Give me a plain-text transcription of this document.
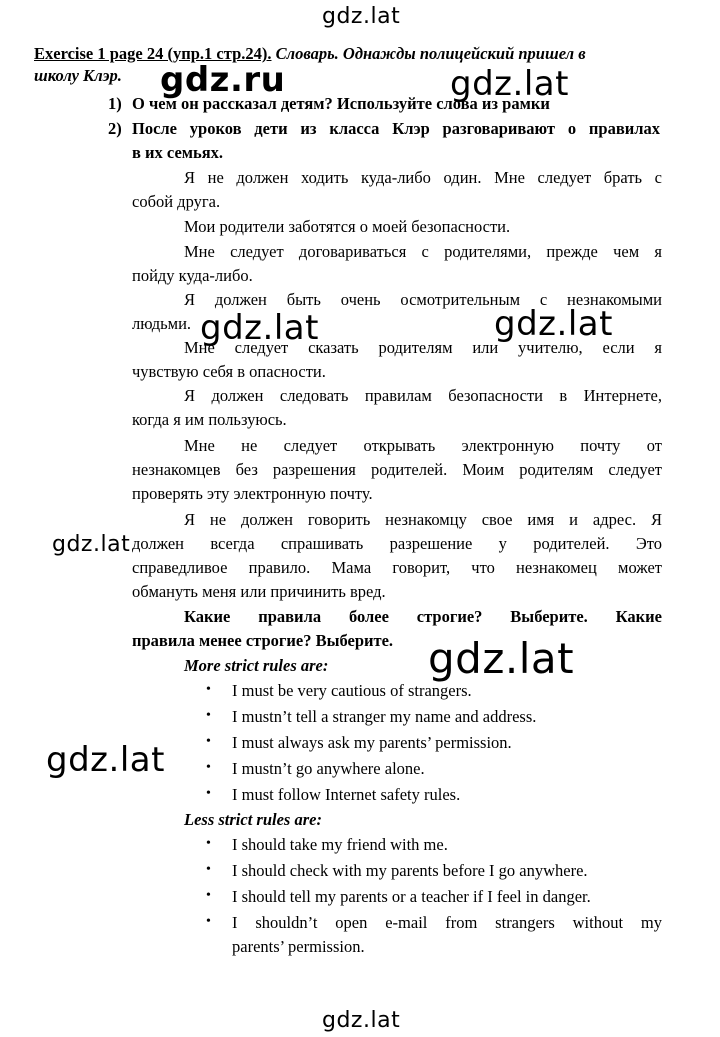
gdz.lat
gdz.ru	gdz.lat
gdz.lat	gdz.lat
gdz.lat
gdz.lat
gdz.lat
gdz.lat
Exercise 1 page 24 (упр.1 стр.24). Словарь. Однажды полицейский пришел в
школу Клэр.
1) О чем он рассказал детям? Используйте слова из рамки
2) После уроков дети из класса Клэр разговаривают о правилах
в их семьях.
Я не должен ходить куда-либо один. Мне следует брать с
собой друга.
Мои родители заботятся о моей безопасности.
Мне следует договариваться с родителями, прежде чем я
пойду куда-либо.
Я должен быть очень осмотрительным с незнакомыми
людьми.
Мне следует сказать родителям или учителю, если я
чувствую себя в опасности.
Я должен следовать правилам безопасности в Интернете,
когда я им пользуюсь.
Мне не следует открывать электронную почту от
незнакомцев без разрешения родителей. Моим родителям следует
проверять эту электронную почту.
Я не должен говорить незнакомцу свое имя и адрес. Я
должен всегда спрашивать разрешение у родителей. Это
справедливое правило. Мама говорит, что незнакомец может
обмануть меня или причинить вред.
Какие правила более строгие? Выберите. Какие
правила менее строгие? Выберите.
More strict rules are:
• I must be very cautious of strangers.
• I mustn’t tell a stranger my name and address.
• I must always ask my parents’ permission.
• I mustn’t go anywhere alone.
• I must follow Internet safety rules.
Less strict rules are:
• I should take my friend with me.
• I should check with my parents before I go anywhere.
• I should tell my parents or a teacher if I feel in danger.
• I shouldn’t open e-mail from strangers without my
parents’ permission.
